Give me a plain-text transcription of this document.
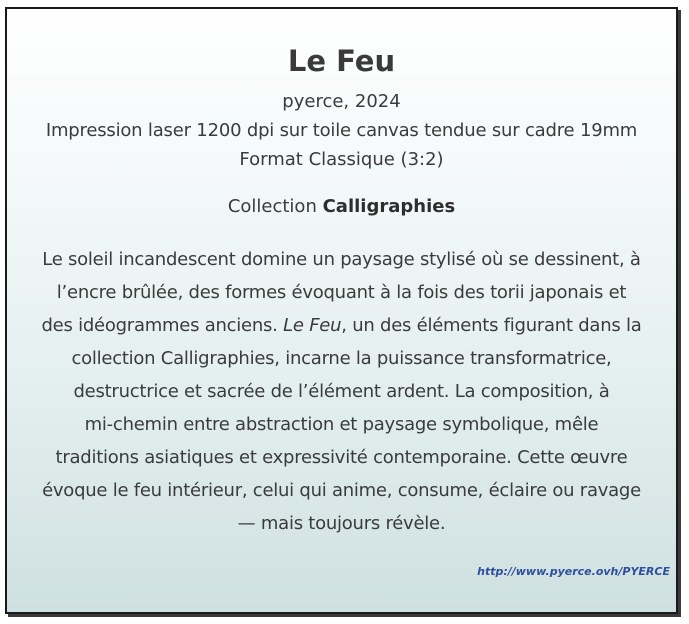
Le Feu
pyerce, 2024
Impression laser 1200 dpi sur toile canvas tendue sur cadre 19mm
Format Classique (3:2)
Collection Calligraphies
Le soleil incandescent domine un paysage stylisé où se dessinent, à
l’encre brûlée, des formes évoquant à la fois des torii japonais et
des idéogrammes anciens. Le Feu, un des éléments figurant dans la
collection Calligraphies, incarne la puissance transformatrice,
destructrice et sacrée de l’élément ardent. La composition, à
mi-chemin entre abstraction et paysage symbolique, mêle
traditions asiatiques et expressivité contemporaine. Cette œuvre
évoque le feu intérieur, celui qui anime, consume, éclaire ou ravage
— mais toujours révèle.
http://www.pyerce.ovh/PYERCE
